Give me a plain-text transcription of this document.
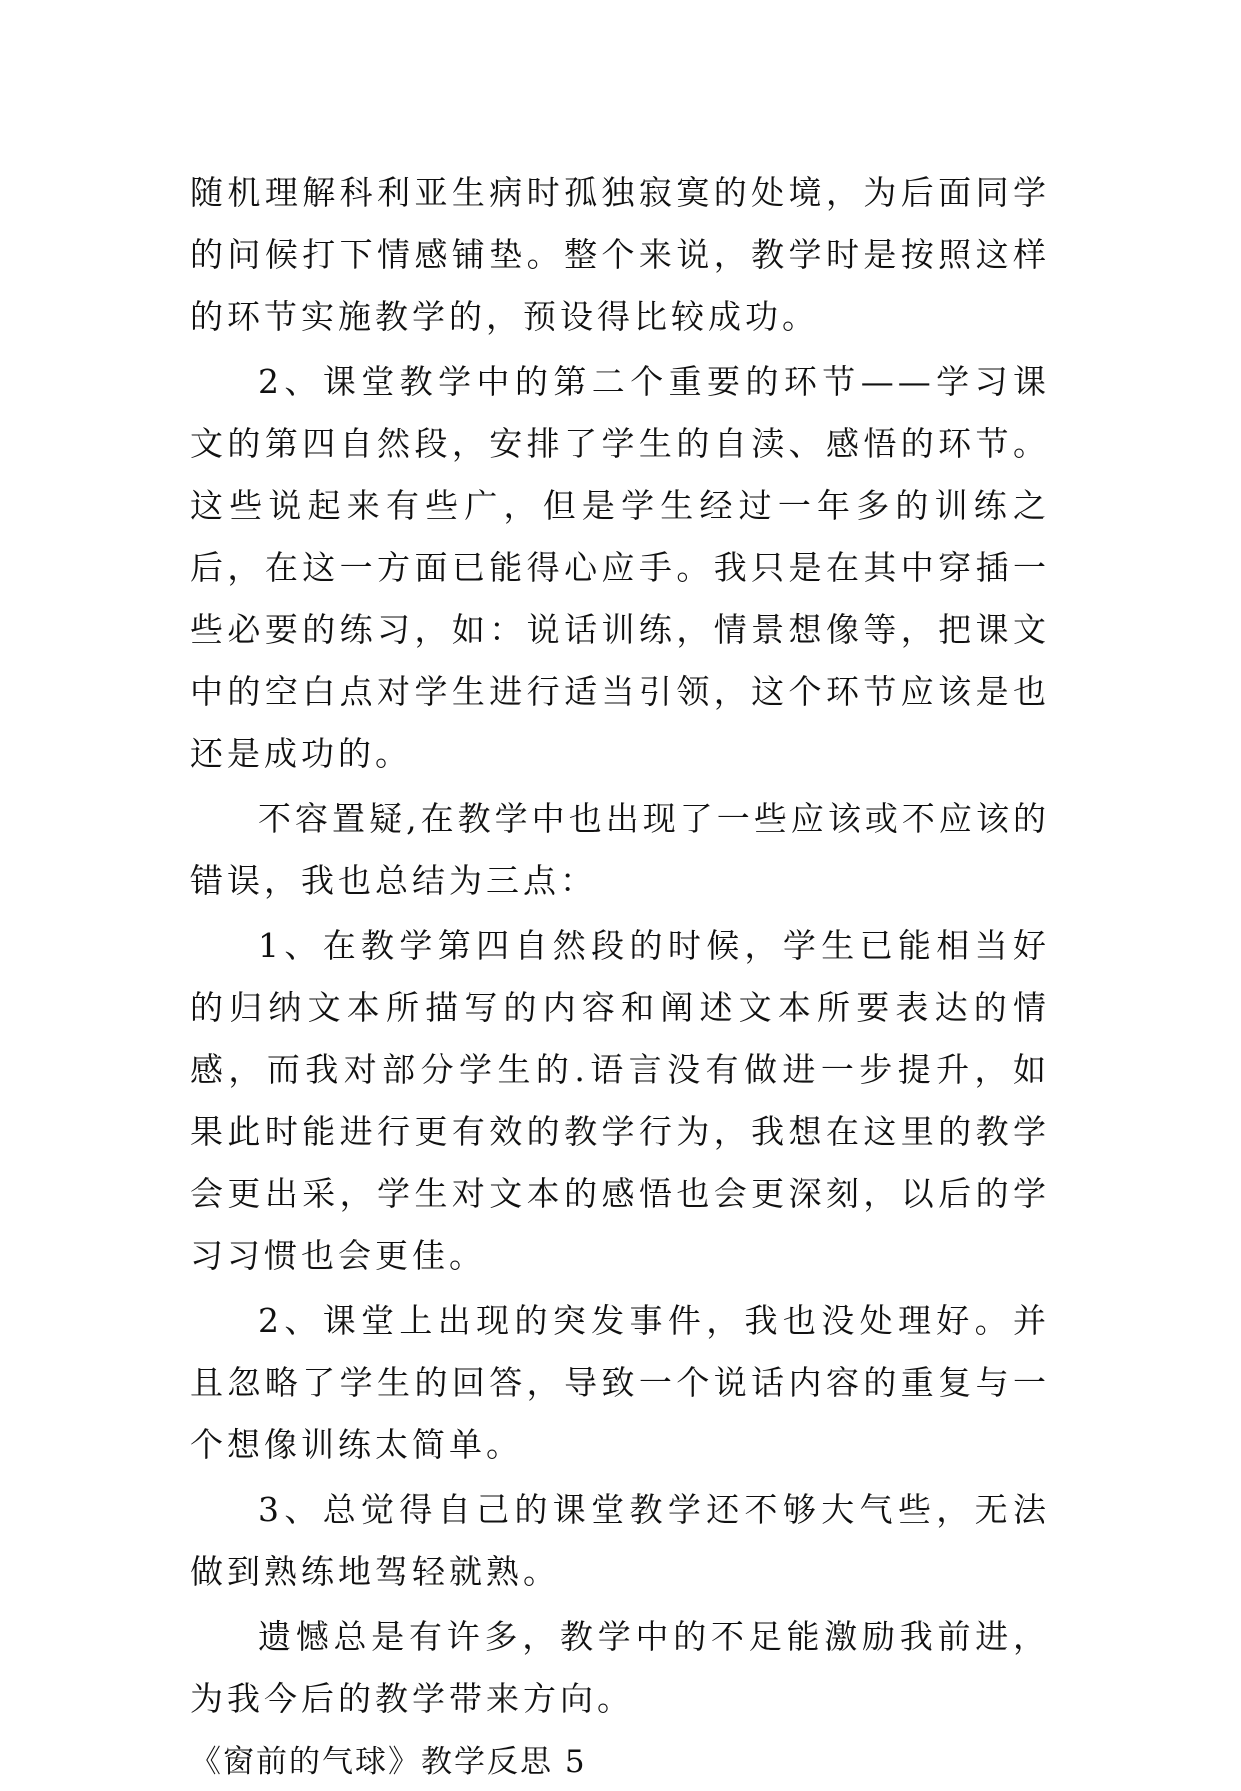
随机理解科利亚生病时孤独寂寞的处境，为后面同学的问候打下情感铺垫。整个来说，教学时是按照这样的环节实施教学的，预设得比较成功。

2、课堂教学中的第二个重要的环节——学习课文的第四自然段，安排了学生的自渎、感悟的环节。这些说起来有些广，但是学生经过一年多的训练之后，在这一方面已能得心应手。我只是在其中穿插一些必要的练习，如：说话训练，情景想像等，把课文中的空白点对学生进行适当引领，这个环节应该是也还是成功的。

不容置疑,在教学中也出现了一些应该或不应该的错误，我也总结为三点：

1、在教学第四自然段的时候，学生已能相当好的归纳文本所描写的内容和阐述文本所要表达的情感，而我对部分学生的.语言没有做进一步提升，如果此时能进行更有效的教学行为，我想在这里的教学会更出采，学生对文本的感悟也会更深刻，以后的学习习惯也会更佳。

2、课堂上出现的突发事件，我也没处理好。并且忽略了学生的回答，导致一个说话内容的重复与一个想像训练太简单。

3、总觉得自己的课堂教学还不够大气些，无法做到熟练地驾轻就熟。

遗憾总是有许多，教学中的不足能激励我前进，为我今后的教学带来方向。

《窗前的气球》教学反思 5
